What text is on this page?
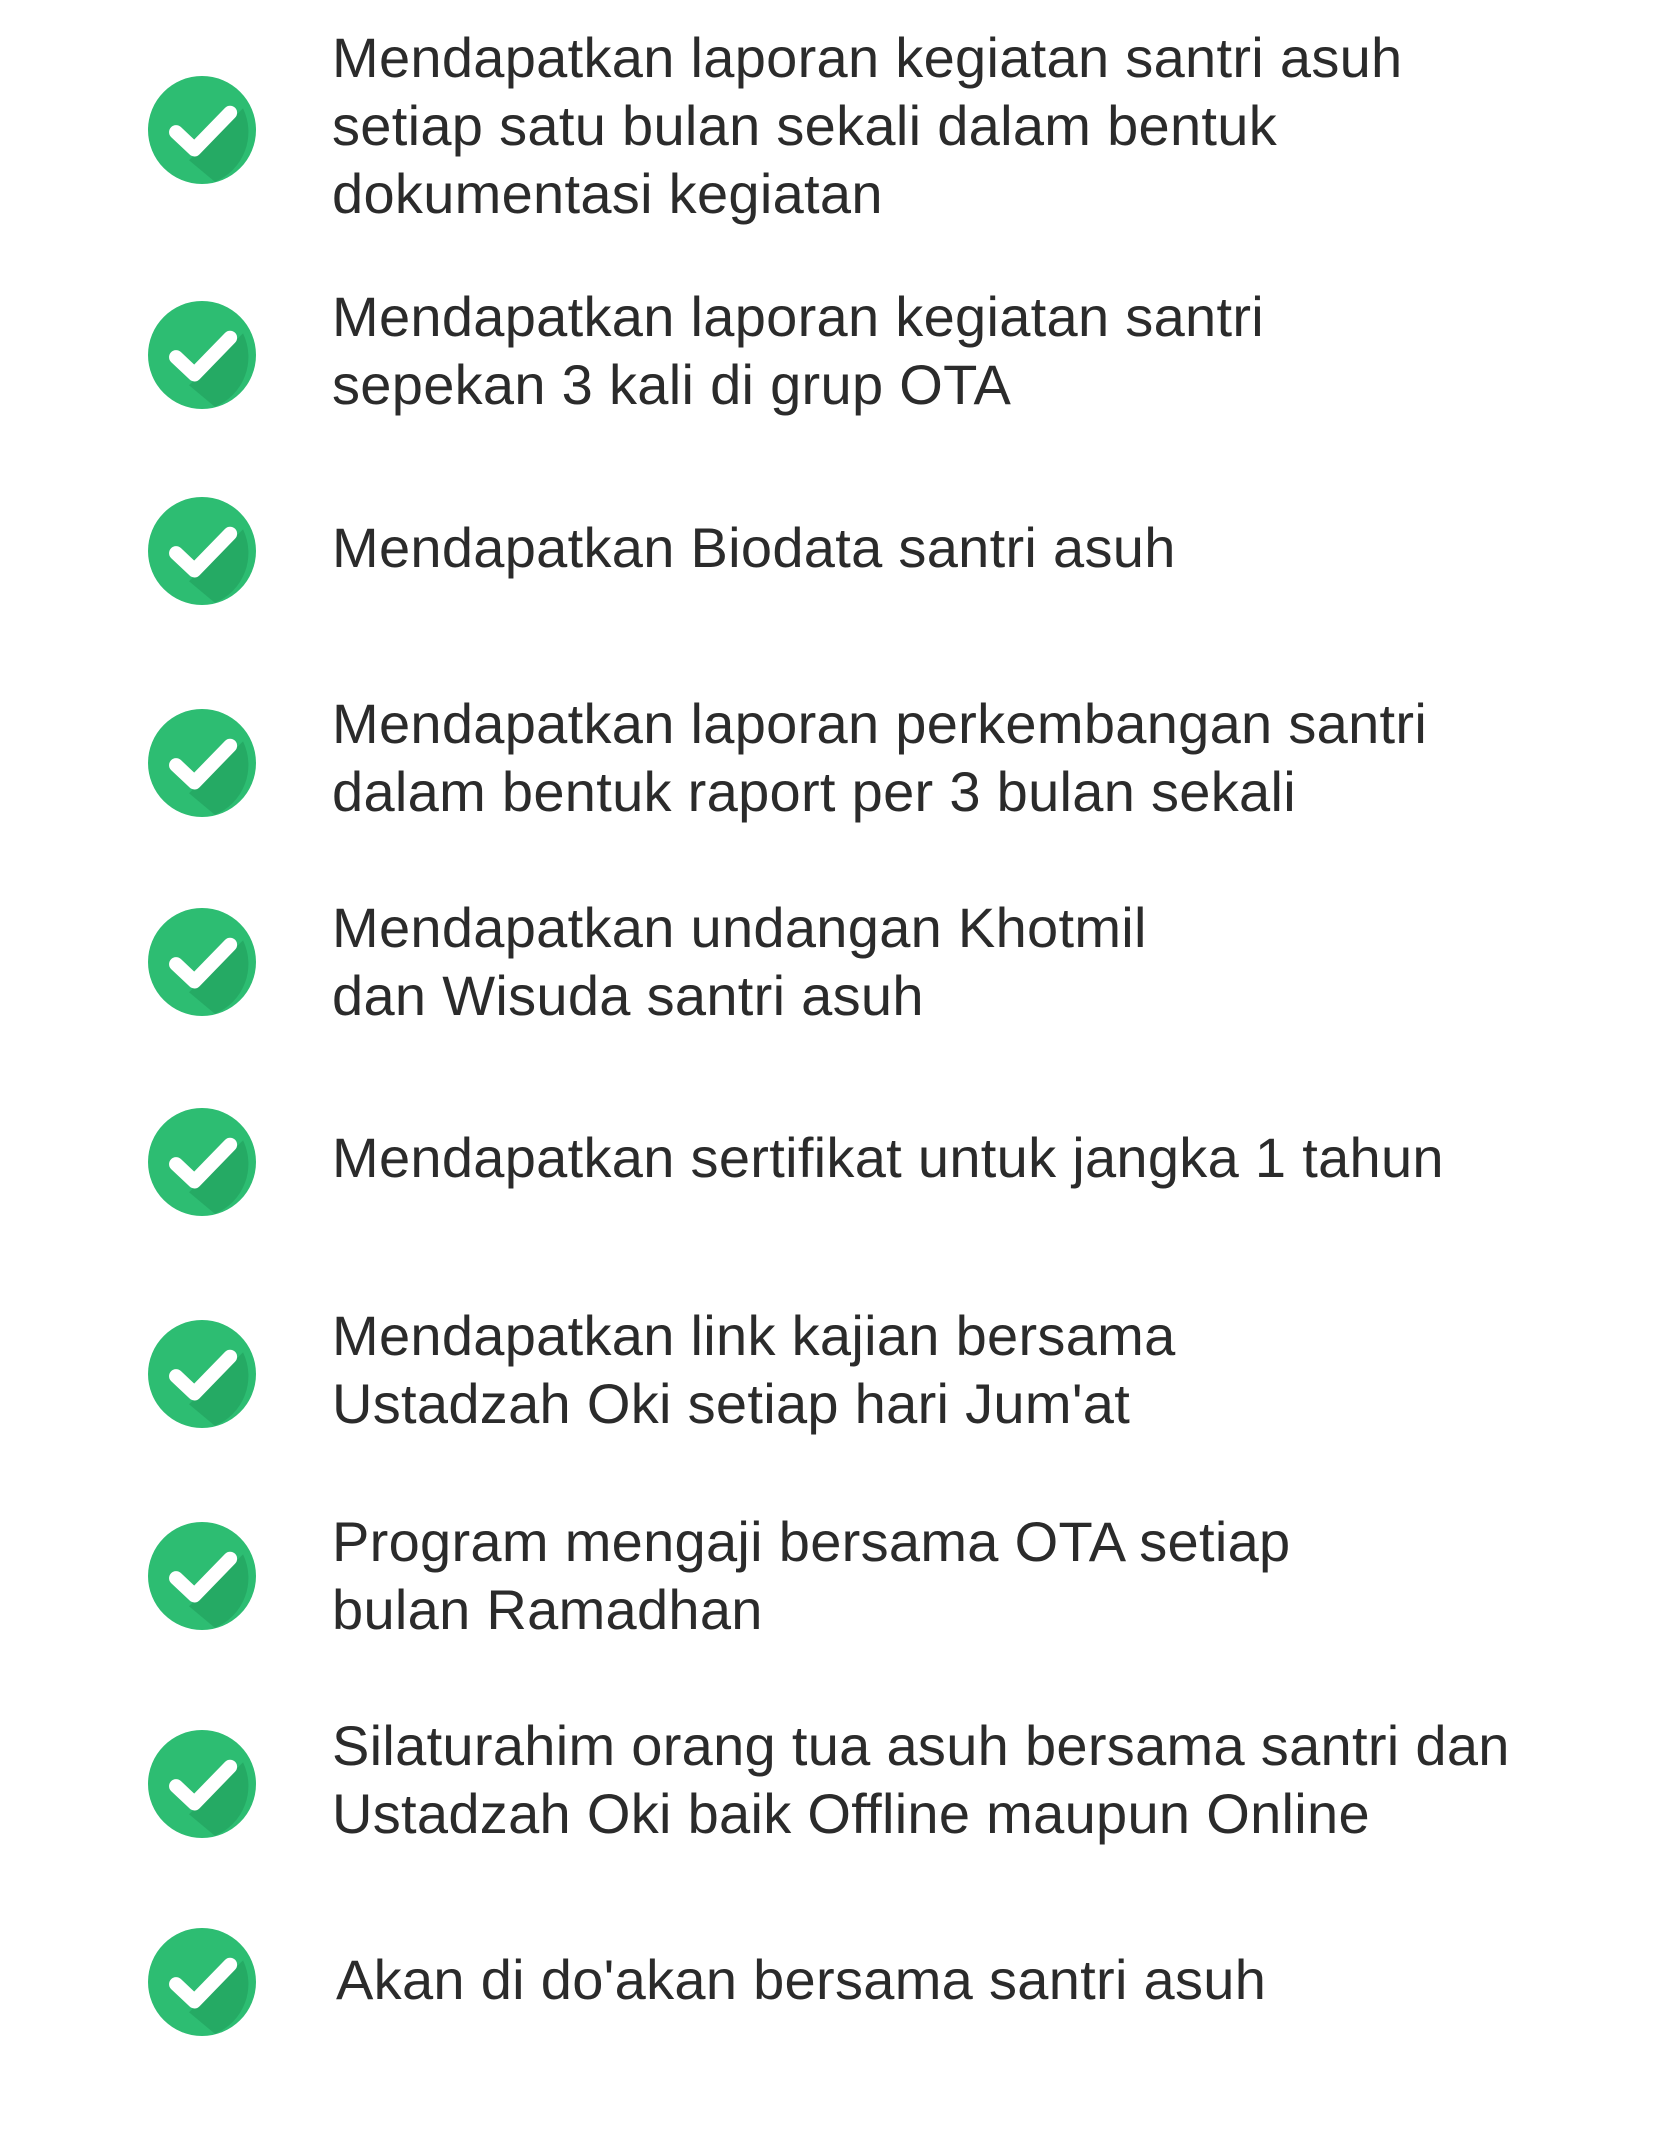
Mendapatkan laporan kegiatan santri asuh
setiap satu bulan sekali dalam bentuk
dokumentasi kegiatan
Mendapatkan laporan kegiatan santri
sepekan 3 kali di grup OTA
Mendapatkan Biodata santri asuh
Mendapatkan laporan perkembangan santri
dalam bentuk raport per 3 bulan sekali
Mendapatkan undangan Khotmil
dan Wisuda santri asuh
Mendapatkan sertifikat untuk jangka 1 tahun
Mendapatkan link kajian bersama
Ustadzah Oki setiap hari Jum'at
Program mengaji bersama OTA setiap
bulan Ramadhan
Silaturahim orang tua asuh bersama santri dan
Ustadzah Oki baik Offline maupun Online
Akan di do'akan bersama santri asuh
